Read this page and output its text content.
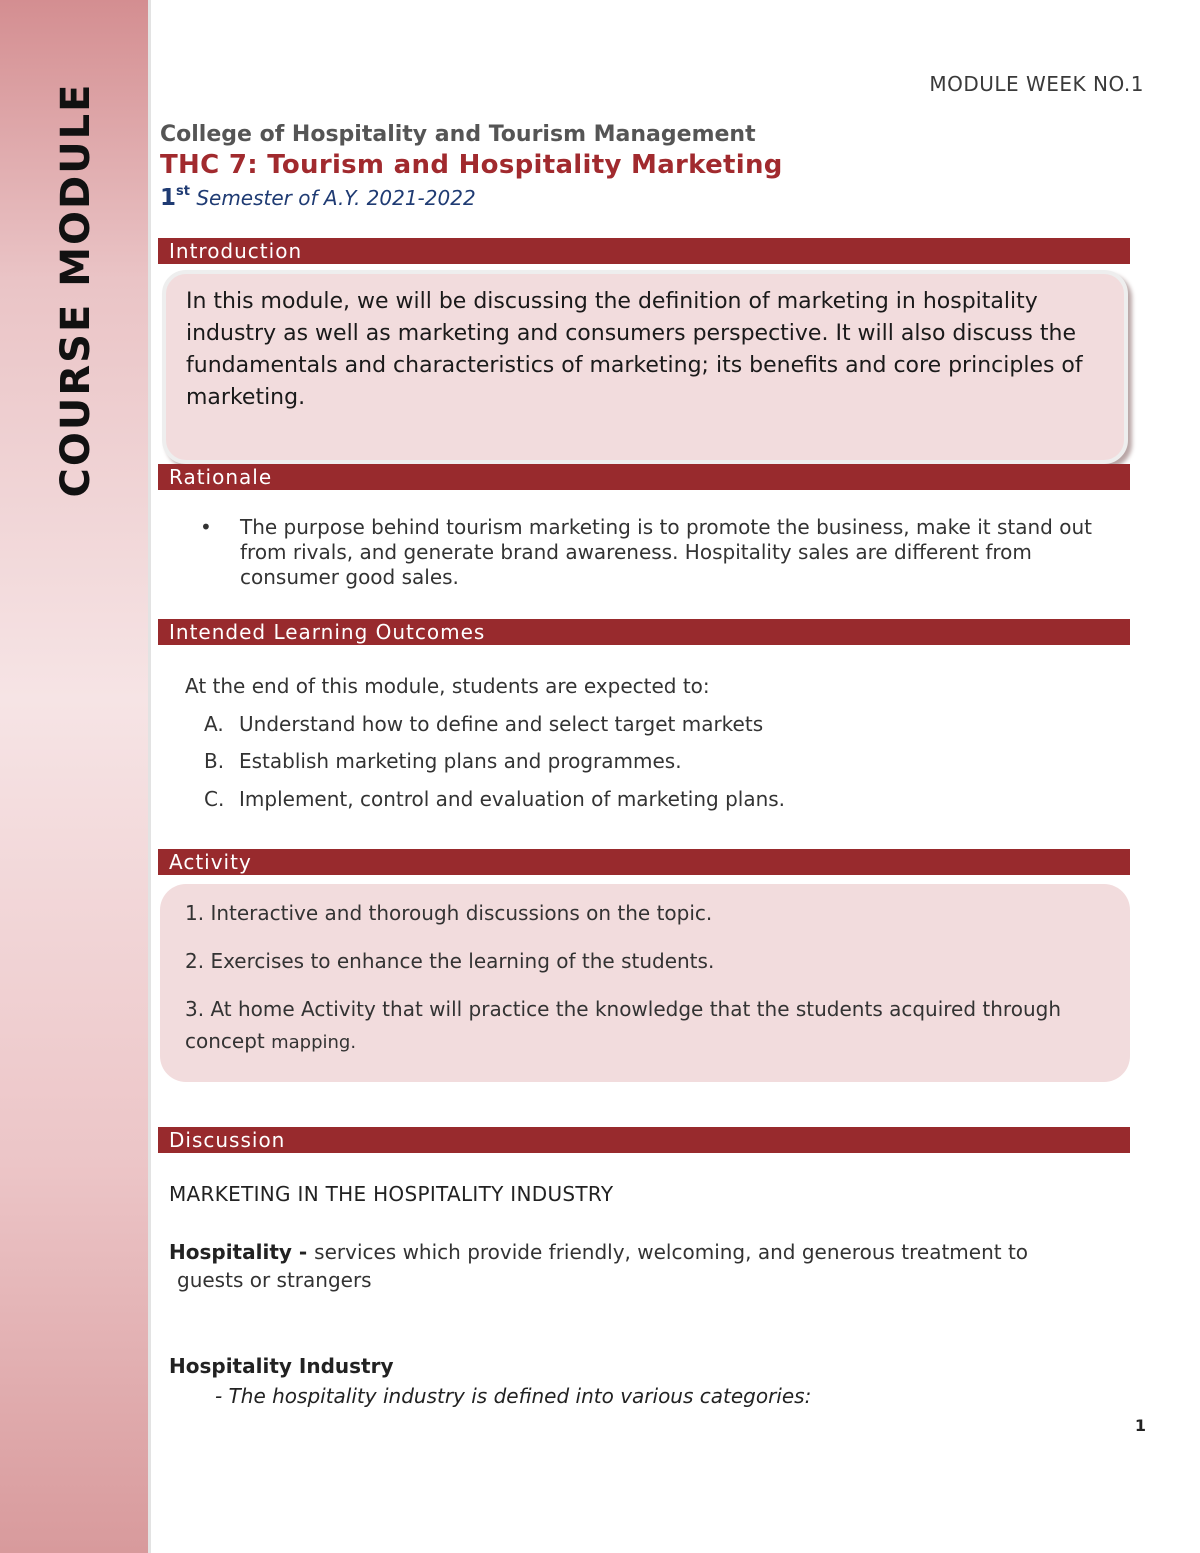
COURSE MODULE	MODULE WEEK NO.1
College of Hospitality and Tourism Management
THC 7: Tourism and Hospitality Marketing
1st Semester of A.Y. 2021-2022
Introduction
In this module, we will be discussing the definition of marketing in hospitality industry as well as marketing and consumers perspective. It will also discuss the fundamentals and characteristics of marketing; its benefits and core principles of marketing.
Rationale
• The purpose behind tourism marketing is to promote the business, make it stand out from rivals, and generate brand awareness. Hospitality sales are different from consumer good sales.
Intended Learning Outcomes
At the end of this module, students are expected to:
A. Understand how to define and select target markets
B. Establish marketing plans and programmes.
C. Implement, control and evaluation of marketing plans.
Activity
1. Interactive and thorough discussions on the topic.
2. Exercises to enhance the learning of the students.
3. At home Activity that will practice the knowledge that the students acquired through concept mapping.
Discussion
MARKETING IN THE HOSPITALITY INDUSTRY
Hospitality - services which provide friendly, welcoming, and generous treatment to
guests or strangers
Hospitality Industry
- The hospitality industry is defined into various categories:
1
